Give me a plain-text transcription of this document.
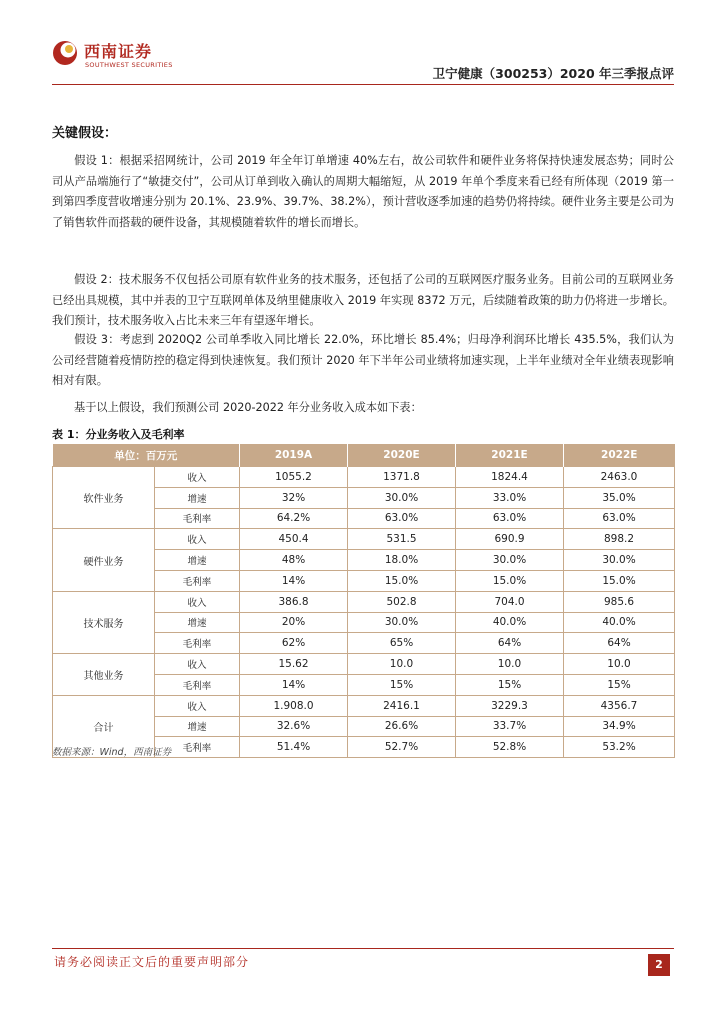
西南证券
SOUTHWEST SECURITIES
卫宁健康（300253）2020 年三季报点评
关键假设：
假设 1：根据采招网统计，公司 2019 年全年订单增速 40%左右，故公司软件和硬件业务将保持快速发展态势；同时公司从产品端施行了“敏捷交付”，公司从订单到收入确认的周期大幅缩短，从 2019 年单个季度来看已经有所体现（2019 第一到第四季度营收增速分别为 20.1%、23.9%、39.7%、38.2%），预计营收逐季加速的趋势仍将持续。硬件业务主要是公司为了销售软件而搭载的硬件设备，其规模随着软件的增长而增长。
假设 2：技术服务不仅包括公司原有软件业务的技术服务，还包括了公司的互联网医疗服务业务。目前公司的互联网业务已经出具规模，其中并表的卫宁互联网单体及纳里健康收入 2019 年实现 8372 万元，后续随着政策的助力仍将进一步增长。我们预计，技术服务收入占比未来三年有望逐年增长。
假设 3：考虑到 2020Q2 公司单季收入同比增长 22.0%，环比增长 85.4%；归母净利润环比增长 435.5%，我们认为公司经营随着疫情防控的稳定得到快速恢复。我们预计 2020 年下半年公司业绩将加速实现，上半年业绩对全年业绩表现影响相对有限。
基于以上假设，我们预测公司 2020-2022 年分业务收入成本如下表：
表 1：分业务收入及毛利率
单位：百万元		2019A	2020E	2021E	2022E
软件业务	收入	1055.2	1371.8	1824.4	2463.0
	增速	32%	30.0%	33.0%	35.0%
	毛利率	64.2%	63.0%	63.0%	63.0%
硬件业务	收入	450.4	531.5	690.9	898.2
	增速	48%	18.0%	30.0%	30.0%
	毛利率	14%	15.0%	15.0%	15.0%
技术服务	收入	386.8	502.8	704.0	985.6
	增速	20%	30.0%	40.0%	40.0%
	毛利率	62%	65%	64%	64%
其他业务	收入	15.62	10.0	10.0	10.0
	毛利率	14%	15%	15%	15%
合计	收入	1.908.0	2416.1	3229.3	4356.7
	增速	32.6%	26.6%	33.7%	34.9%
	毛利率	51.4%	52.7%	52.8%	53.2%
数据来源：Wind，西南证券
请务必阅读正文后的重要声明部分	2
